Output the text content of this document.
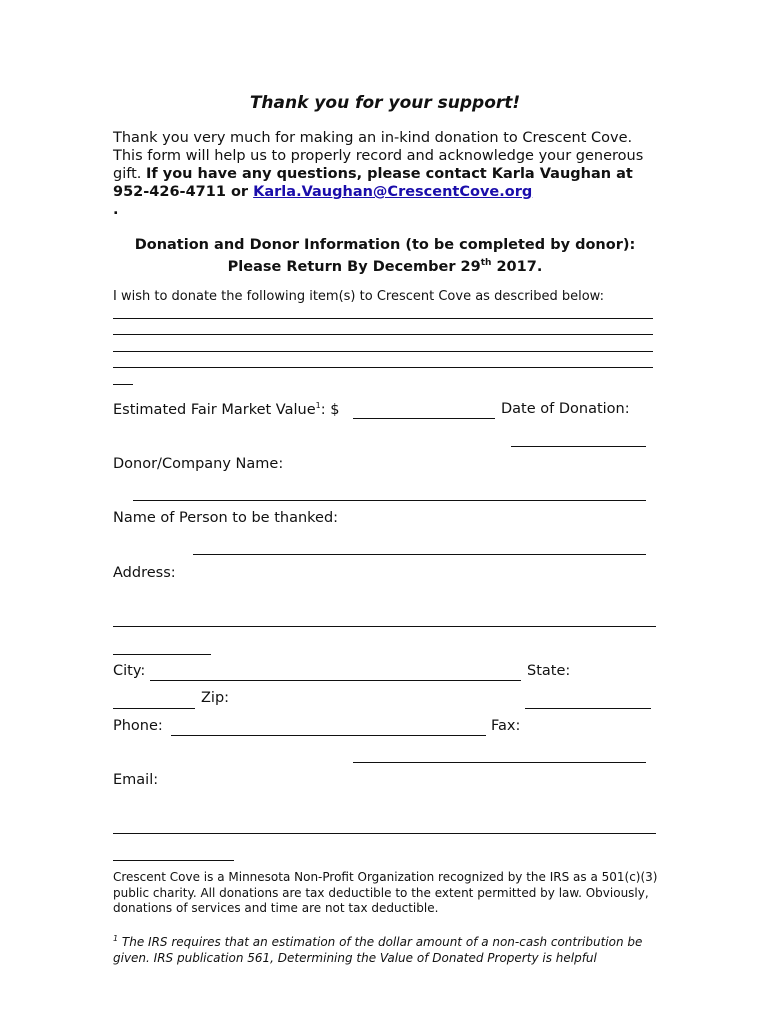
Thank you for your support!
Thank you very much for making an in-kind donation to Crescent Cove. This form will help us to properly record and acknowledge your generous gift. If you have any questions, please contact Karla Vaughan at 952-426-4711 or Karla.Vaughan@CrescentCove.org
.
Donation and Donor Information (to be completed by donor):
Please Return By December 29th 2017.
I wish to donate the following item(s) to Crescent Cove as described below:
Estimated Fair Market Value$^1$: $	Date of Donation:
Donor/Company Name:
Name of Person to be thanked:
Address:
City:	State:
Zip:
Phone:	Fax:
Email:
Crescent Cove is a Minnesota Non-Profit Organization recognized by the IRS as a 501(c)(3) public charity. All donations are tax deductible to the extent permitted by law. Obviously, donations of services and time are not tax deductible.
$^1$ The IRS requires that an estimation of the dollar amount of a non-cash contribution be given. IRS publication 561, Determining the Value of Donated Property is helpful
